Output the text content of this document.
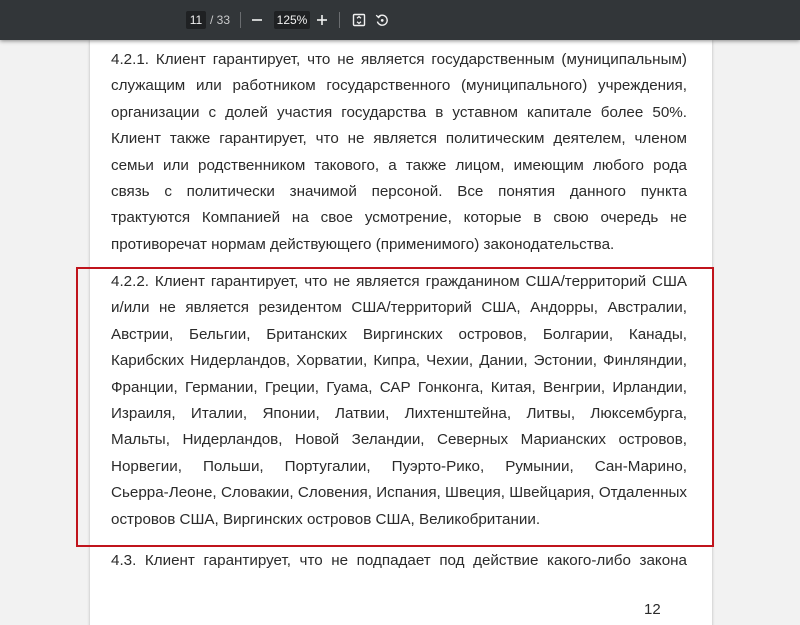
11 / 33	125%
4.2.1. Клиент гарантирует, что не является государственным (муниципальным)
служащим или работником государственного (муниципального) учреждения,
организации с долей участия государства в уставном капитале более 50%.
Клиент также гарантирует, что не является политическим деятелем, членом
семьи или родственником такового, а также лицом, имеющим любого рода
связь с политически значимой персоной. Все понятия данного пункта
трактуются Компанией на свое усмотрение, которые в свою очередь не
противоречат нормам действующего (применимого) законодательства.
4.2.2. Клиент гарантирует, что не является гражданином США/территорий США
и/или не является резидентом США/территорий США, Андорры, Австралии,
Австрии, Бельгии, Британских Виргинских островов, Болгарии, Канады,
Карибских Нидерландов, Хорватии, Кипра, Чехии, Дании, Эстонии, Финляндии,
Франции, Германии, Греции, Гуама, САР Гонконга, Китая, Венгрии, Ирландии,
Израиля, Италии, Японии, Латвии, Лихтенштейна, Литвы, Люксембурга,
Мальты, Нидерландов, Новой Зеландии, Северных Марианских островов,
Норвегии, Польши, Португалии, Пуэрто-Рико, Румынии, Сан-Марино,
Сьерра-Леоне, Словакии, Словения, Испания, Швеция, Швейцария, Отдаленных
островов США, Виргинских островов США, Великобритании.
4.3. Клиент гарантирует, что не подпадает под действие какого-либо закона
12
